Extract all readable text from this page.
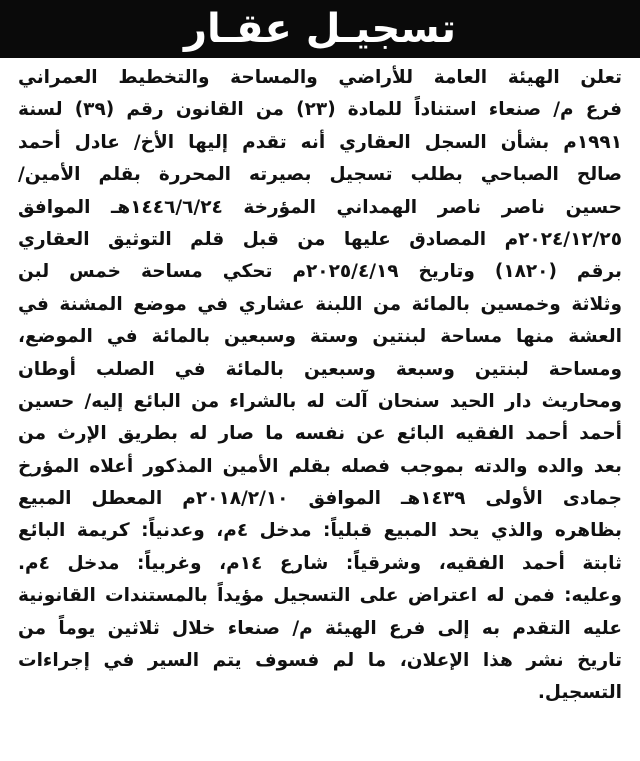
تسجيـل عقـار
تعلن الهيئة العامة للأراضي والمساحة والتخطيط العمراني
فرع م/ صنعاء استناداً للمادة (٢٣) من القانون رقم (٣٩) لسنة
١٩٩١م بشأن السجل العقاري أنه تقدم إليها الأخ/ عادل أحمد
صالح الصباحي بطلب تسجيل بصيرته المحررة بقلم الأمين/
حسين ناصر ناصر الهمداني المؤرخة ١٤٤٦/٦/٢٤هـ الموافق
٢٠٢٤/١٢/٢٥م المصادق عليها من قبل قلم التوثيق العقاري
برقم (١٨٢٠) وتاريخ ٢٠٢٥/٤/١٩م تحكي مساحة خمس لبن
وثلاثة وخمسين بالمائة من اللبنة عشاري في موضع المشنة في
العشة منها مساحة لبنتين وستة وسبعين بالمائة في الموضع،
ومساحة لبنتين وسبعة وسبعين بالمائة في الصلب أوطان
ومحاريث دار الحيد سنحان آلت له بالشراء من البائع إليه/ حسين
أحمد أحمد الفقيه البائع عن نفسه ما صار له بطريق الإرث من
بعد والده والدته بموجب فصله بقلم الأمين المذكور أعلاه المؤرخ
جمادى الأولى ١٤٣٩هـ الموافق ٢٠١٨/٢/١٠م المعطل المبيع
بظاهره والذي يحد المبيع قبلياً: مدخل ٤م، وعدنياً: كريمة البائع
ثابتة أحمد الفقيه، وشرقياً: شارع ١٤م، وغربياً: مدخل ٤م.
وعليه: فمن له اعتراض على التسجيل مؤيداً بالمستندات القانونية
عليه التقدم به إلى فرع الهيئة م/ صنعاء خلال ثلاثين يوماً من
تاريخ نشر هذا الإعلان، ما لم فسوف يتم السير في إجراءات
التسجيل.
